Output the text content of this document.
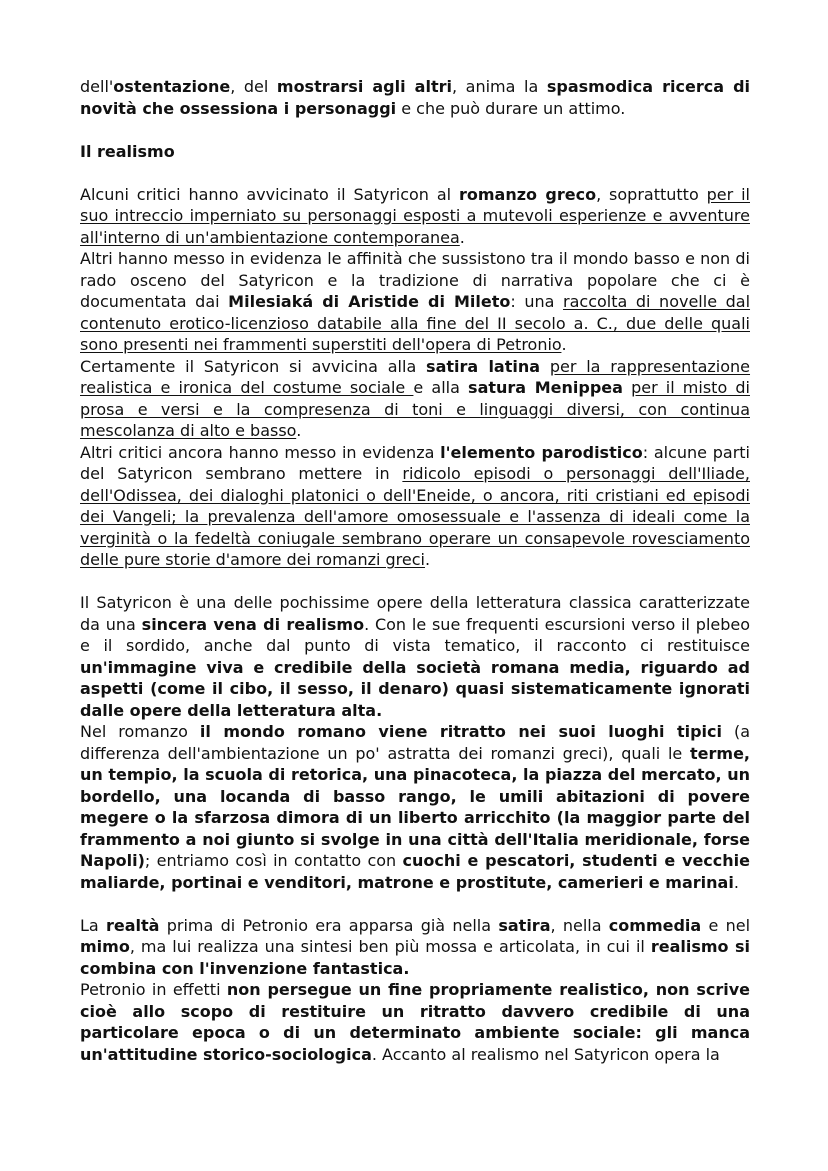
dell'ostentazione, del mostrarsi agli altri, anima la spasmodica ricerca di novità che ossessiona i personaggi e che può durare un attimo.

Il realismo

Alcuni critici hanno avvicinato il Satyricon al romanzo greco, soprattutto per il suo intreccio imperniato su personaggi esposti a mutevoli esperienze e avventure all'interno di un'ambientazione contemporanea.

Altri hanno messo in evidenza le affinità che sussistono tra il mondo basso e non di rado osceno del Satyricon e la tradizione di narrativa popolare che ci è documentata dai Milesiaká di Aristide di Mileto: una raccolta di novelle dal contenuto erotico-licenzioso databile alla fine del II secolo a. C., due delle quali sono presenti nei frammenti superstiti dell'opera di Petronio.

Certamente il Satyricon si avvicina alla satira latina per la rappresentazione realistica e ironica del costume sociale e alla satura Menippea per il misto di prosa e versi e la compresenza di toni e linguaggi diversi, con continua mescolanza di alto e basso.

Altri critici ancora hanno messo in evidenza l'elemento parodistico: alcune parti del Satyricon sembrano mettere in ridicolo episodi o personaggi dell'Iliade, dell'Odissea, dei dialoghi platonici o dell'Eneide, o ancora, riti cristiani ed episodi dei Vangeli; la prevalenza dell'amore omosessuale e l'assenza di ideali come la verginità o la fedeltà coniugale sembrano operare un consapevole rovesciamento delle pure storie d'amore dei romanzi greci.

Il Satyricon è una delle pochissime opere della letteratura classica caratterizzate da una sincera vena di realismo. Con le sue frequenti escursioni verso il plebeo e il sordido, anche dal punto di vista tematico, il racconto ci restituisce un'immagine viva e credibile della società romana media, riguardo ad aspetti (come il cibo, il sesso, il denaro) quasi sistematicamente ignorati dalle opere della letteratura alta.

Nel romanzo il mondo romano viene ritratto nei suoi luoghi tipici (a differenza dell'ambientazione un po' astratta dei romanzi greci), quali le terme, un tempio, la scuola di retorica, una pinacoteca, la piazza del mercato, un bordello, una locanda di basso rango, le umili abitazioni di povere megere o la sfarzosa dimora di un liberto arricchito (la maggior parte del frammento a noi giunto si svolge in una città dell'Italia meridionale, forse Napoli); entriamo così in contatto con cuochi e pescatori, studenti e vecchie maliarde, portinai e venditori, matrone e prostitute, camerieri e marinai.

La realtà prima di Petronio era apparsa già nella satira, nella commedia e nel mimo, ma lui realizza una sintesi ben più mossa e articolata, in cui il realismo si combina con l'invenzione fantastica.

Petronio in effetti non persegue un fine propriamente realistico, non scrive cioè allo scopo di restituire un ritratto davvero credibile di una particolare epoca o di un determinato ambiente sociale: gli manca un'attitudine storico-sociologica. Accanto al realismo nel Satyricon opera la
